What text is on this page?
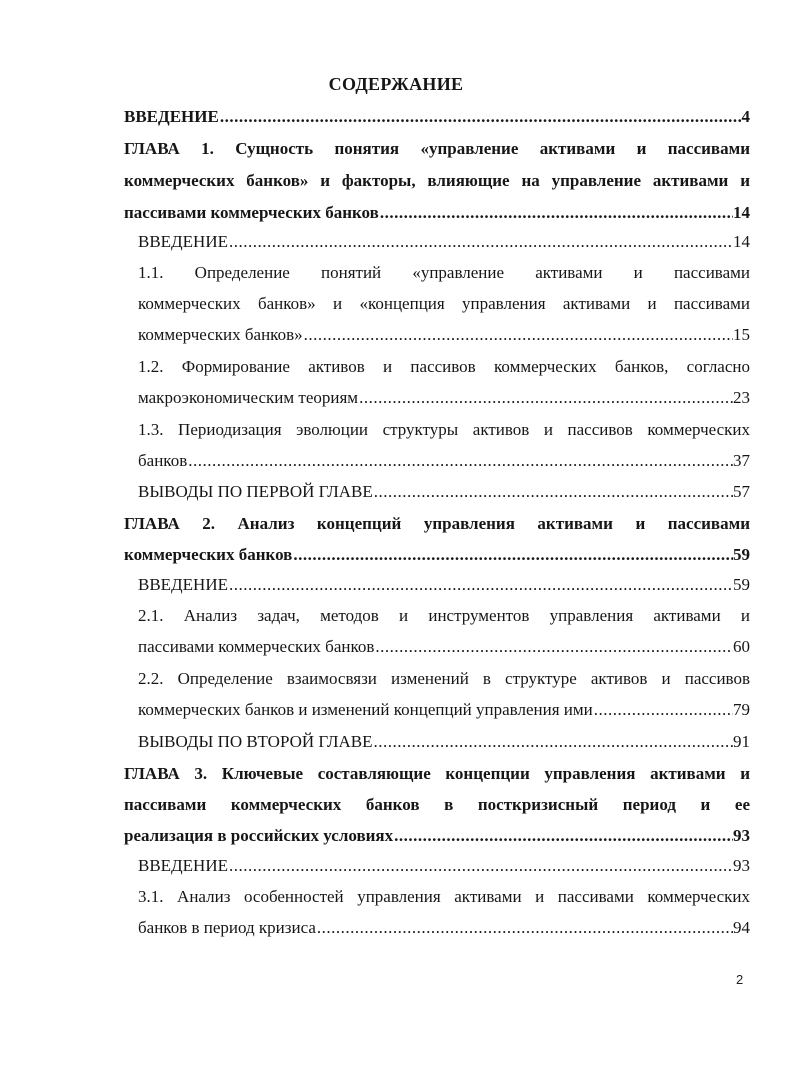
СОДЕРЖАНИЕ
ВВЕДЕНИЕ .....	4
ГЛАВА 1. Сущность понятия «управление активами и пассивами
коммерческих банков» и факторы, влияющие на управление активами и
пассивами коммерческих банков .....	14
ВВЕДЕНИЕ .....	14
1.1. Определение понятий «управление активами и пассивами
коммерческих банков» и «концепция управления активами и пассивами
коммерческих банков» .....	15
1.2. Формирование активов и пассивов коммерческих банков, согласно
макроэкономическим теориям .....	23
1.3. Периодизация эволюции структуры активов и пассивов коммерческих
банков .....	37
ВЫВОДЫ ПО ПЕРВОЙ ГЛАВЕ .....	57
ГЛАВА 2. Анализ концепций управления активами и пассивами
коммерческих банков .....	59
ВВЕДЕНИЕ .....	59
2.1. Анализ задач, методов и инструментов управления активами и
пассивами коммерческих банков .....	60
2.2. Определение взаимосвязи изменений в структуре активов и пассивов
коммерческих банков и изменений концепций управления ими .....	79
ВЫВОДЫ ПО ВТОРОЙ ГЛАВЕ .....	91
ГЛАВА 3. Ключевые составляющие концепции управления активами и
пассивами коммерческих банков в посткризисный период и ее
реализация в российских условиях .....	93
ВВЕДЕНИЕ .....	93
3.1. Анализ особенностей управления активами и пассивами коммерческих
банков в период кризиса .....	94
2
